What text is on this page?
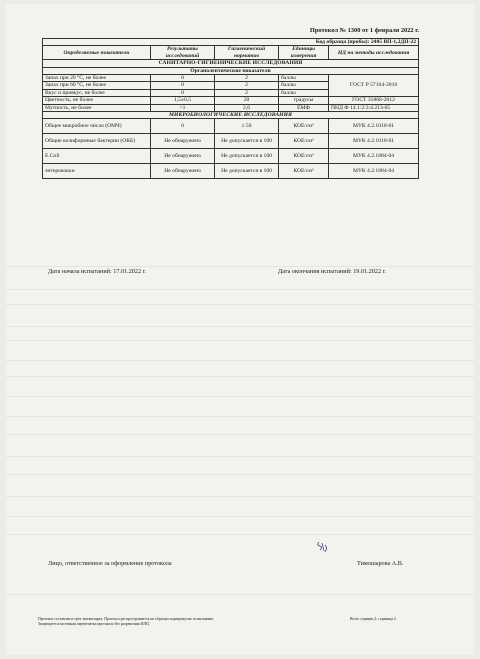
Протокол № 1300 от 1 февраля 2022 г.
Код образца (пробы): 2405 ВП-1,2ДП-22				
Определяемые показатели	Результаты исследований	Гигиенический норматив	Единицы измерения	НД на методы исследования
САНИТАРНО-ГИГИЕНИЧЕСКИЕ ИССЛЕДОВАНИЯ				
Органолептические показатели				
Запах при 20 °С, не более	0	2	баллы	ГОСТ Р 57164-2016
Запах при 60 °С, не более	0	2	баллы	
Вкус и привкус, не более	0	2	баллы	
Цветность, не более	1,5±0,5	20	градусы	ГОСТ 31868-2012
Мутность, не более	<1	2,6	ЕМФ	ПНД Ф 14.1:2:3:4.213-05
МИКРОБИОЛОГИЧЕСКИЕ ИССЛЕДОВАНИЯ				
Общее микробное число (ОМЧ)	0	≤ 50	КОЕ/см³	МУК 4.2.1018-01
Общие колиформные бактерии (ОКБ)	Не обнаружено	Не допускается в 100	КОЕ/см³	МУК 4.2.1018-01
E.Coli	Не обнаружено	Не допускается в 100	КОЕ/см³	МУК 4.2.1884-04
энтерококки	Не обнаружено	Не допускается в 100	КОЕ/см³	МУК 4.2.1884-04
Дата начала испытаний: 17.01.2022 г.	Дата окончания испытаний: 19.01.2022 г.
Лицо, ответственное за оформление протокола	Тимошарова А.В.
Протокол составлен в трех экземплярах. Протокол распространяется на образцы подвергнутые испытаниям.
Запрещается частичная перепечатка протокола без разрешения ИЛЦ
Всего страниц 2; страница 2
